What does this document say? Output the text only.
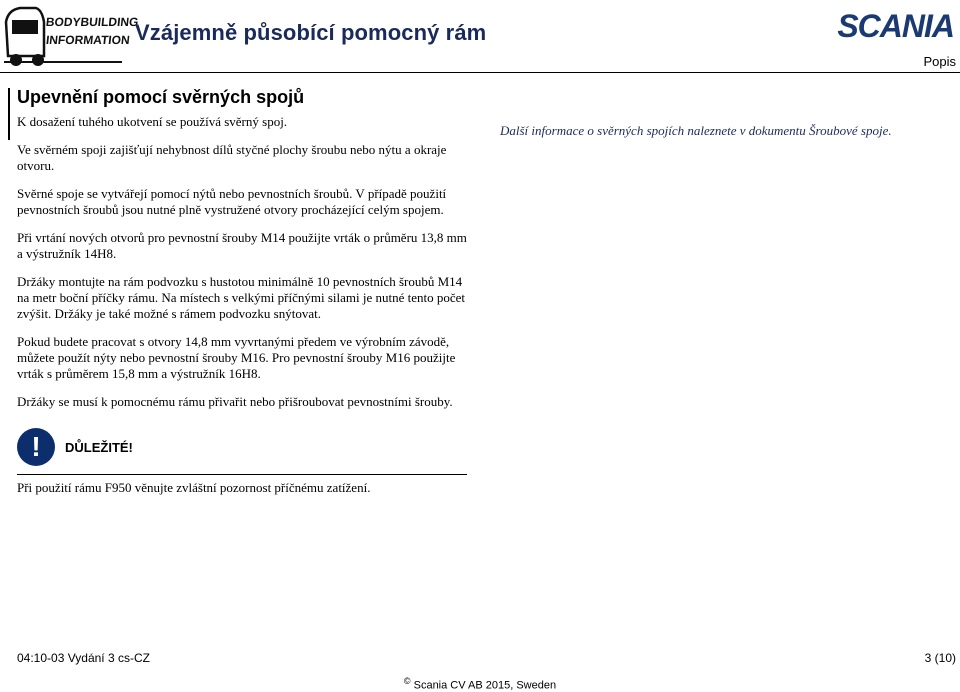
BODYBUILDING
INFORMATION Vzájemně působící pomocný rám	SCANIA
Popis
Upevnění pomocí svěrných spojů

K dosažení tuhého ukotvení se používá svěrný spoj.

Ve svěrném spoji zajišťují nehybnost dílů styčné plochy šroubu nebo nýtu a okraje otvoru.

Svěrné spoje se vytvářejí pomocí nýtů nebo pevnostních šroubů. V případě použití pevnostních šroubů jsou nutné plně vystružené otvory procházející celým spojem.

Při vrtání nových otvorů pro pevnostní šrouby M14 použijte vrták o průměru 13,8 mm a výstružník 14H8.

Držáky montujte na rám podvozku s hustotou minimálně 10 pevnostních šroubů M14 na metr boční příčky rámu. Na místech s velkými příčnými silami je nutné tento počet zvýšit. Držáky je také možné s rámem podvozku snýtovat.

Pokud budete pracovat s otvory 14,8 mm vyvrtanými předem ve výrobním závodě, můžete použít nýty nebo pevnostní šrouby M16. Pro pevnostní šrouby M16 použijte vrták s průměrem 15,8 mm a výstružník 16H8.

Držáky se musí k pomocnému rámu přivařit nebo přišroubovat pevnostními šrouby.

!	DŮLEŽITÉ!

Při použití rámu F950 věnujte zvláštní pozornost příčnému zatížení.

Další informace o svěrných spojích naleznete v dokumentu Šroubové spoje.
04:10-03 Vydání 3 cs-CZ	3 (10)
© Scania CV AB 2015, Sweden
